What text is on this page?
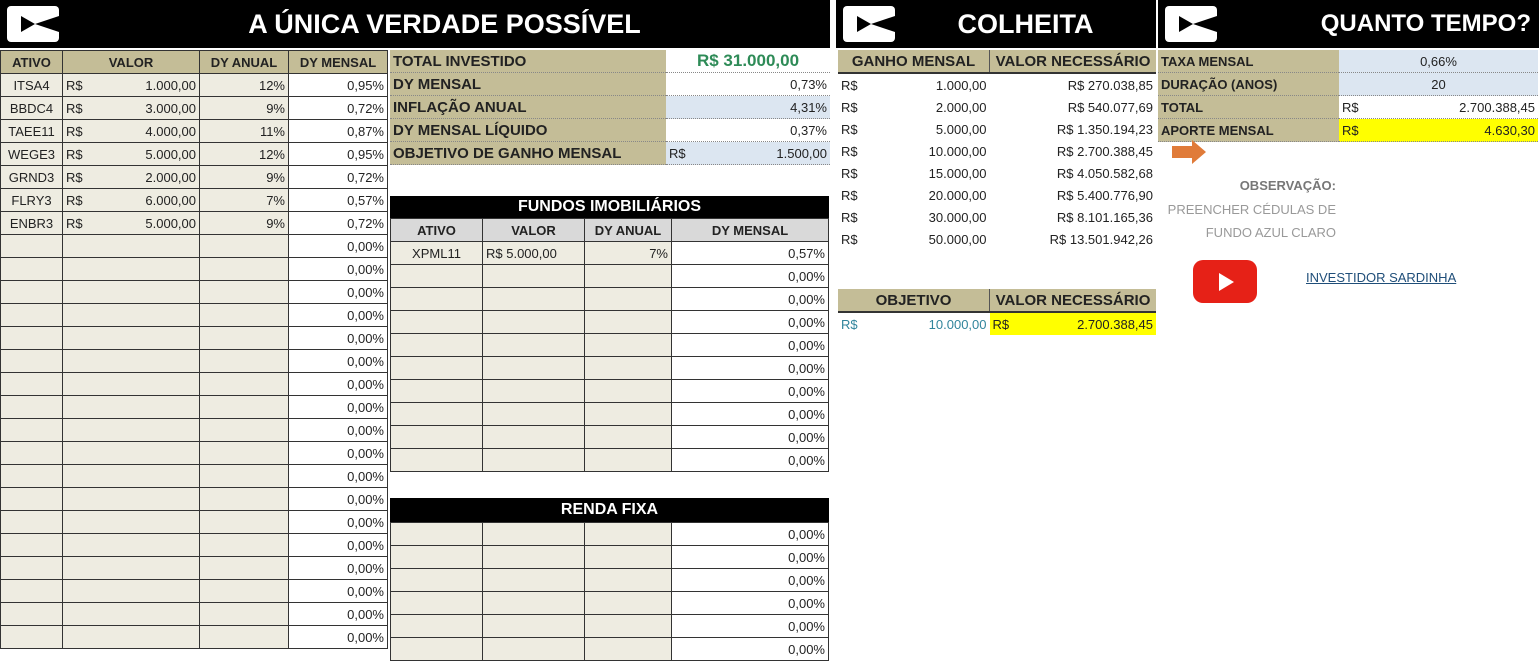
A ÚNICA VERDADE POSSÍVEL
ATIVO	VALOR	DY ANUAL	DY MENSAL
ITSA4	R$ 1.000,00	12%	0,95%
BBDC4	R$ 3.000,00	9%	0,72%
TAEE11	R$ 4.000,00	11%	0,87%
WEGE3	R$ 5.000,00	12%	0,95%
GRND3	R$ 2.000,00	9%	0,72%
FLRY3	R$ 6.000,00	7%	0,57%
ENBR3	R$ 5.000,00	9%	0,72%
			0,00%
			0,00%
			0,00%
			0,00%
			0,00%
			0,00%
			0,00%
			0,00%
			0,00%
			0,00%
			0,00%
			0,00%
			0,00%
			0,00%
			0,00%
			0,00%
			0,00%
			0,00%
TOTAL INVESTIDO	R$ 31.000,00
DY MENSAL	0,73%
INFLAÇÃO ANUAL	4,31%
DY MENSAL LÍQUIDO	0,37%
OBJETIVO DE GANHO MENSAL	R$ 1.500,00
FUNDOS IMOBILIÁRIOS
ATIVO	VALOR	DY ANUAL	DY MENSAL
XPML11	R$ 5.000,00	7%	0,57%
			0,00%
			0,00%
			0,00%
			0,00%
			0,00%
			0,00%
			0,00%
			0,00%
			0,00%
RENDA FIXA
			0,00%
			0,00%
			0,00%
			0,00%
			0,00%
			0,00%
COLHEITA
GANHO MENSAL	VALOR NECESSÁRIO

R$ 1.000,00	R$ 270.038,85

R$ 2.000,00	R$ 540.077,69

R$ 5.000,00	R$ 1.350.194,23

R$ 10.000,00	R$ 2.700.388,45

R$ 15.000,00	R$ 4.050.582,68

R$ 20.000,00	R$ 5.400.776,90

R$ 30.000,00	R$ 8.101.165,36

R$ 50.000,00	R$ 13.501.942,26
OBJETIVO	VALOR NECESSÁRIO

R$ 10.000,00	R$ 2.700.388,45
QUANTO TEMPO?
TAXA MENSAL	0,66%
DURAÇÃO (ANOS)	20
TOTAL	R$ 2.700.388,45

APORTE MENSAL	R$ 4.630,30
OBSERVAÇÃO:
PREENCHER CÉDULAS DE
FUNDO AZUL CLARO
INVESTIDOR SARDINHA
